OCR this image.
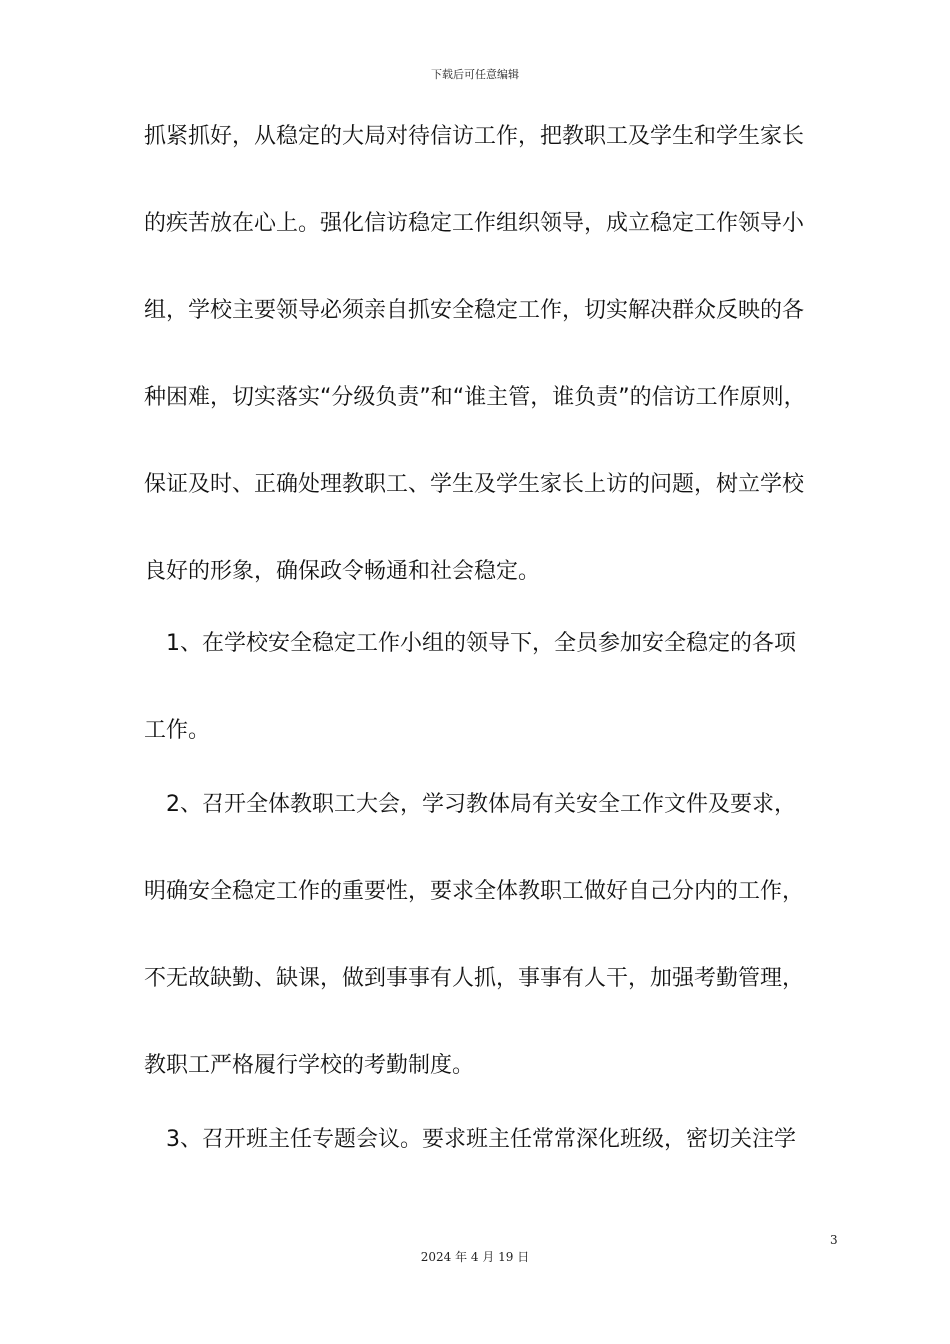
下载后可任意编辑
抓紧抓好，从稳定的大局对待信访工作，把教职工及学生和学生家长
的疾苦放在心上。强化信访稳定工作组织领导，成立稳定工作领导小
组，学校主要领导必须亲自抓安全稳定工作，切实解决群众反映的各
种困难，切实落实“分级负责”和“谁主管，谁负责”的信访工作原则，
保证及时、正确处理教职工、学生及学生家长上访的问题，树立学校
良好的形象，确保政令畅通和社会稳定。
　1、在学校安全稳定工作小组的领导下，全员参加安全稳定的各项
工作。
　2、召开全体教职工大会，学习教体局有关安全工作文件及要求，
明确安全稳定工作的重要性，要求全体教职工做好自己分内的工作，
不无故缺勤、缺课，做到事事有人抓，事事有人干，加强考勤管理，
教职工严格履行学校的考勤制度。
　3、召开班主任专题会议。要求班主任常常深化班级，密切关注学
3
2024 年 4 月 19 日
